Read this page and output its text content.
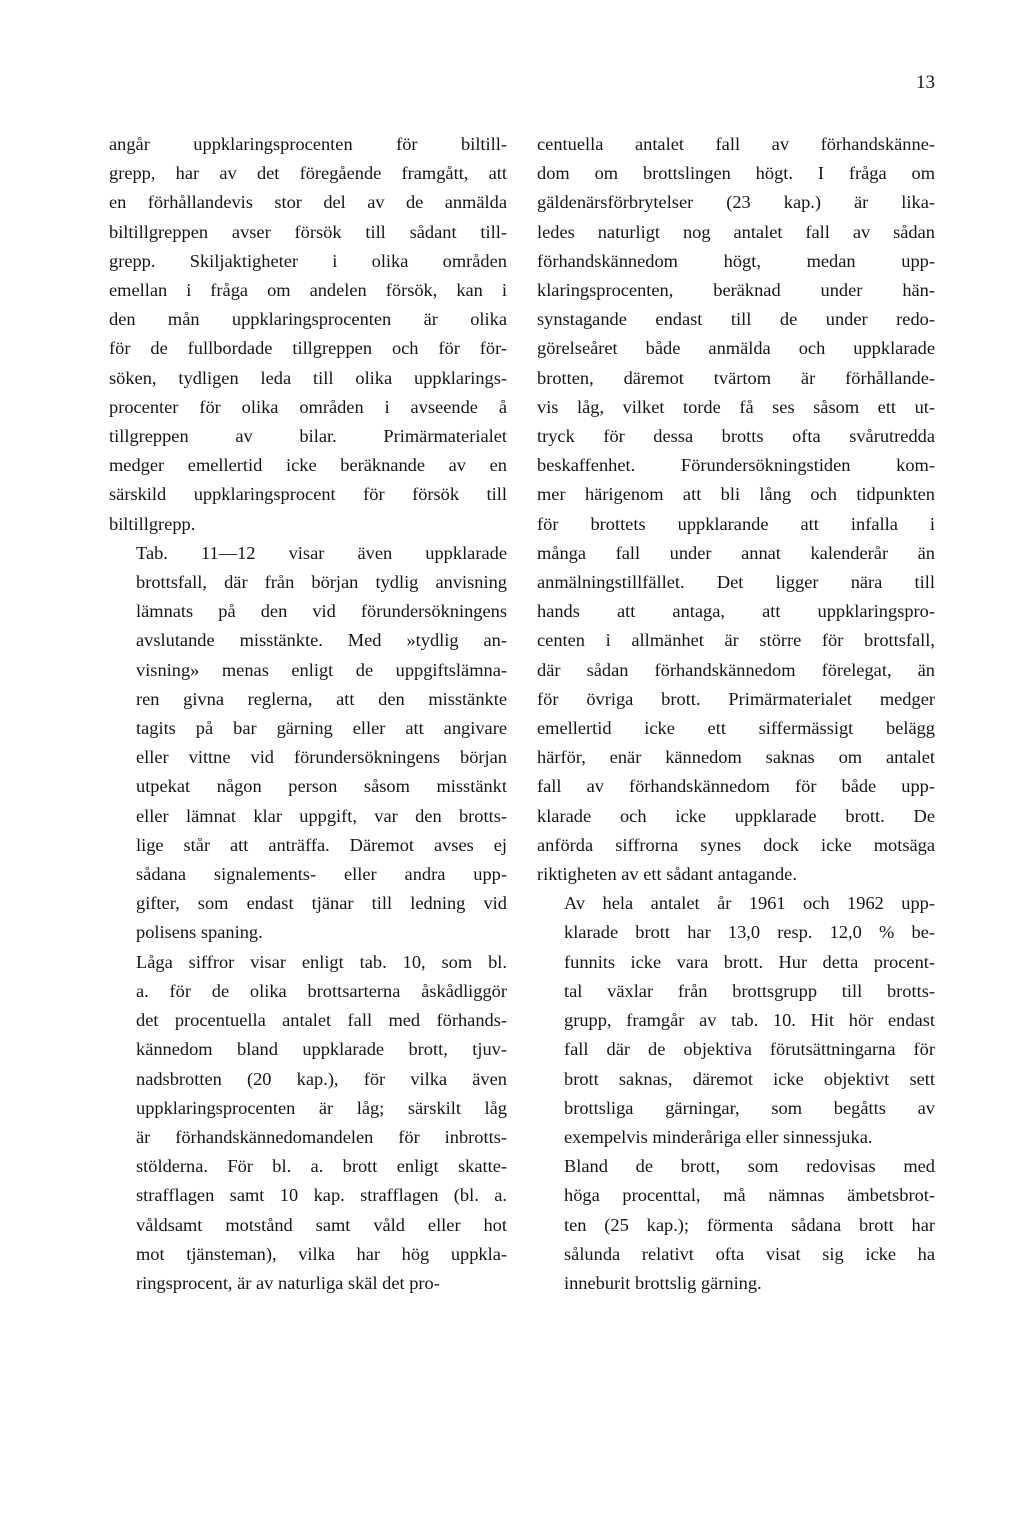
13

angår uppklaringsprocenten för biltill-
grepp, har av det föregående framgått, att
en förhållandevis stor del av de anmälda
biltillgreppen avser försök till sådant till-
grepp. Skiljaktigheter i olika områden
emellan i fråga om andelen försök, kan i
den mån uppklaringsprocenten är olika
för de fullbordade tillgreppen och för för-
söken, tydligen leda till olika uppklarings-
procenter för olika områden i avseende å
tillgreppen av bilar. Primärmaterialet
medger emellertid icke beräknande av en
särskild uppklaringsprocent för försök till
biltillgrepp.

Tab. 11—12 visar även uppklarade
brottsfall, där från början tydlig anvisning
lämnats på den vid förundersökningens
avslutande misstänkte. Med »tydlig an-
visning» menas enligt de uppgiftslämna-
ren givna reglerna, att den misstänkte
tagits på bar gärning eller att angivare
eller vittne vid förundersökningens början
utpekat någon person såsom misstänkt
eller lämnat klar uppgift, var den brotts-
lige står att anträffa. Däremot avses ej
sådana signalements- eller andra upp-
gifter, som endast tjänar till ledning vid
polisens spaning.

Låga siffror visar enligt tab. 10, som bl.
a. för de olika brottsarterna åskådliggör
det procentuella antalet fall med förhands-
kännedom bland uppklarade brott, tjuv-
nadsbrotten (20 kap.), för vilka även
uppklaringsprocenten är låg; särskilt låg
är förhandskännedomandelen för inbrotts-
stölderna. För bl. a. brott enligt skatte-
strafflagen samt 10 kap. strafflagen (bl. a.
våldsamt motstånd samt våld eller hot
mot tjänsteman), vilka har hög uppkla-
ringsprocent, är av naturliga skäl det pro-

centuella antalet fall av förhandskänne-
dom om brottslingen högt. I fråga om
gäldenärsförbrytelser (23 kap.) är lika-
ledes naturligt nog antalet fall av sådan
förhandskännedom högt, medan upp-
klaringsprocenten, beräknad under hän-
synstagande endast till de under redo-
görelseåret både anmälda och uppklarade
brotten, däremot tvärtom är förhållande-
vis låg, vilket torde få ses såsom ett ut-
tryck för dessa brotts ofta svårutredda
beskaffenhet. Förundersökningstiden kom-
mer härigenom att bli lång och tidpunkten
för brottets uppklarande att infalla i
många fall under annat kalenderår än
anmälningstillfället. Det ligger nära till
hands att antaga, att uppklaringspro-
centen i allmänhet är större för brottsfall,
där sådan förhandskännedom förelegat, än
för övriga brott. Primärmaterialet medger
emellertid icke ett siffermässigt belägg
härför, enär kännedom saknas om antalet
fall av förhandskännedom för både upp-
klarade och icke uppklarade brott. De
anförda siffrorna synes dock icke motsäga
riktigheten av ett sådant antagande.

Av hela antalet år 1961 och 1962 upp-
klarade brott har 13,0 resp. 12,0 % be-
funnits icke vara brott. Hur detta procent-
tal växlar från brottsgrupp till brotts-
grupp, framgår av tab. 10. Hit hör endast
fall där de objektiva förutsättningarna för
brott saknas, däremot icke objektivt sett
brottsliga gärningar, som begåtts av
exempelvis minderåriga eller sinnessjuka.

Bland de brott, som redovisas med
höga procenttal, må nämnas ämbetsbrot-
ten (25 kap.); förmenta sådana brott har
sålunda relativt ofta visat sig icke ha
inneburit brottslig gärning.
